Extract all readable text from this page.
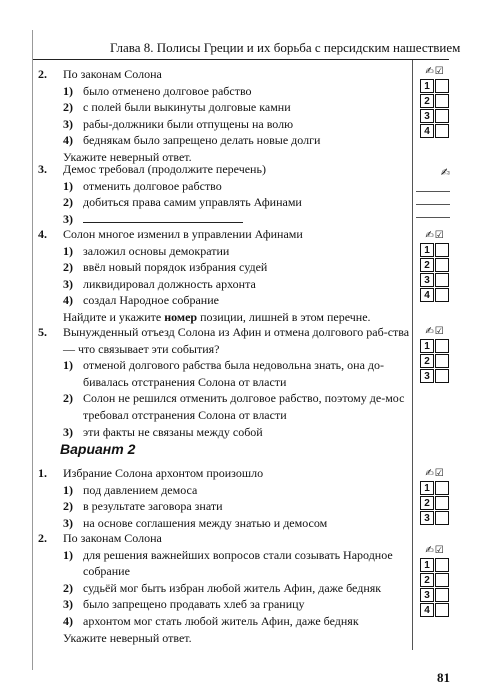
Глава 8. Полисы Греции и их борьба с персидским нашествием
2. По законам Солона
1) было отменено долговое рабство
2) с полей были выкинуты долговые камни
3) рабы-должники были отпущены на волю
4) беднякам было запрещено делать новые долги
Укажите неверный ответ.
✍☑
1
2
3
4
3. Демос требовал (продолжите перечень)
1) отменить долговое рабство
2) добиться права самим управлять Афинами
3)
✍
4. Солон многое изменил в управлении Афинами
1) заложил основы демократии
2) ввёл новый порядок избрания судей
3) ликвидировал должность архонта
4) создал Народное собрание
Найдите и укажите номер позиции, лишней в этом перечне.
✍☑
1
2
3
4
5. Вынужденный отъезд Солона из Афин и отмена долгового раб-ства — что связывает эти события?
1) отменой долгового рабства была недовольна знать, она до-бивалась отстранения Солона от власти
2) Солон не решился отменить долговое рабство, поэтому де-мос требовал отстранения Солона от власти
3) эти факты не связаны между собой
✍☑
1
2
3
Вариант 2
1. Избрание Солона архонтом произошло
1) под давлением демоса
2) в результате заговора знати
3) на основе соглашения между знатью и демосом
✍☑
1
2
3
2. По законам Солона
1) для решения важнейших вопросов стали созывать Народное собрание
2) судьёй мог быть избран любой житель Афин, даже бедняк
3) было запрещено продавать хлеб за границу
4) архонтом мог стать любой житель Афин, даже бедняк
Укажите неверный ответ.
✍☑
1
2
3
4
81
